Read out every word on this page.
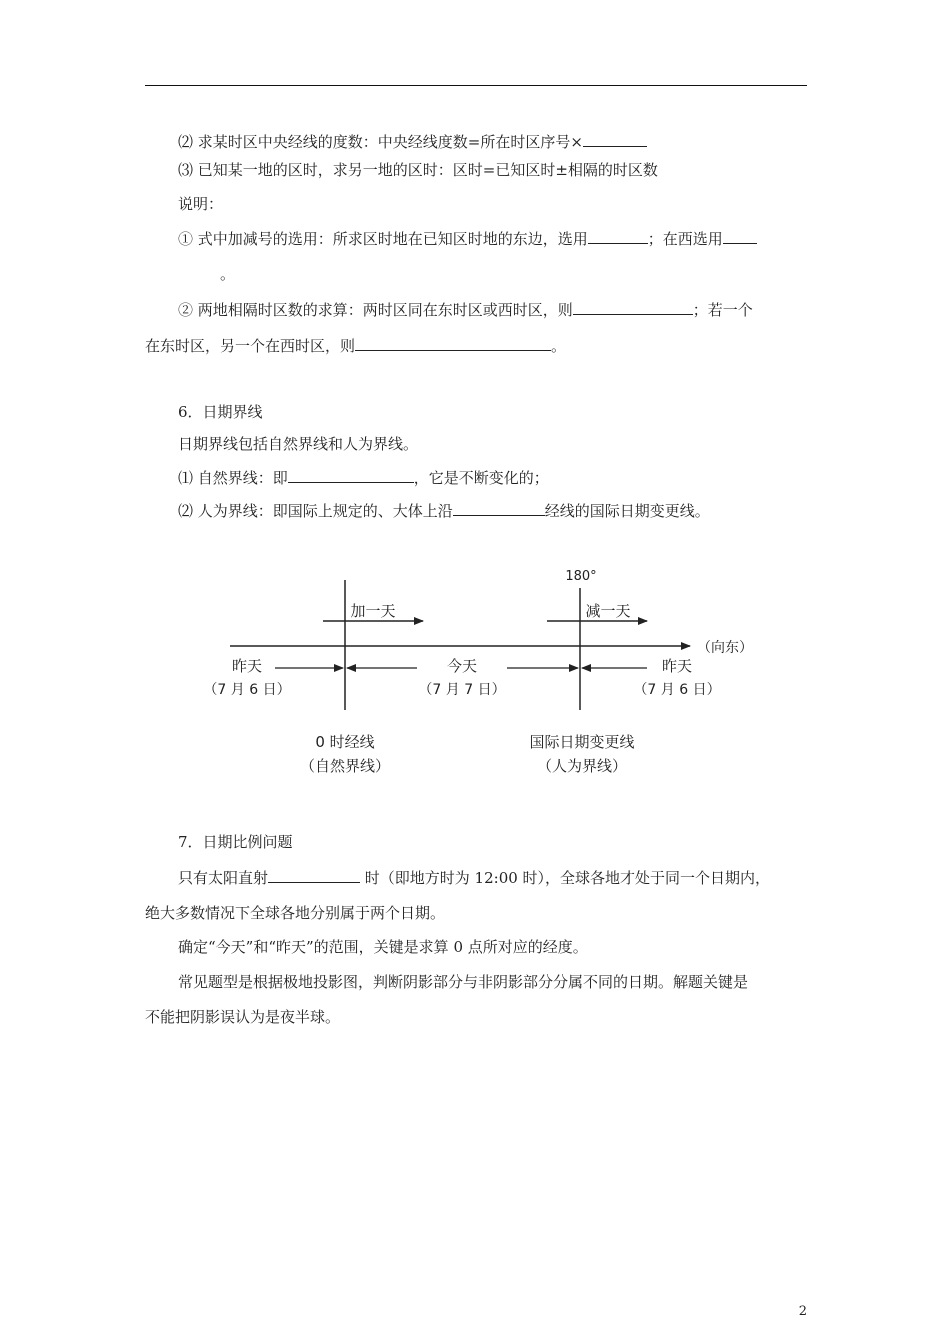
⑵ 求某时区中央经线的度数：中央经线度数=所在时区序号×
⑶ 已知某一地的区时，求另一地的区时：区时=已知区时±相隔的时区数
说明：
① 式中加减号的选用：所求区时地在已知区时地的东边，选用	；在西选用
。
② 两地相隔时区数的求算：两时区同在东时区或西时区，则	；若一个
在东时区，另一个在西时区，则	。
6．日期界线
日期界线包括自然界线和人为界线。
⑴ 自然界线：即	，它是不断变化的；
⑵ 人为界线：即国际上规定的、大体上沿	经线的国际日期变更线。
180°
加一天	减一天
（向东）
昨天	今天	昨天
（7 月 6 日）	（7 月 7 日）	（7 月 6 日）
0 时经线
（自然界线）
国际日期变更线
（人为界线）
7．日期比例问题
只有太阳直射	时（即地方时为 12:00 时），全球各地才处于同一个日期内，
绝大多数情况下全球各地分别属于两个日期。
确定“今天”和“昨天”的范围，关键是求算 0 点所对应的经度。
常见题型是根据极地投影图，判断阴影部分与非阴影部分分属不同的日期。解题关键是
不能把阴影误认为是夜半球。
2
